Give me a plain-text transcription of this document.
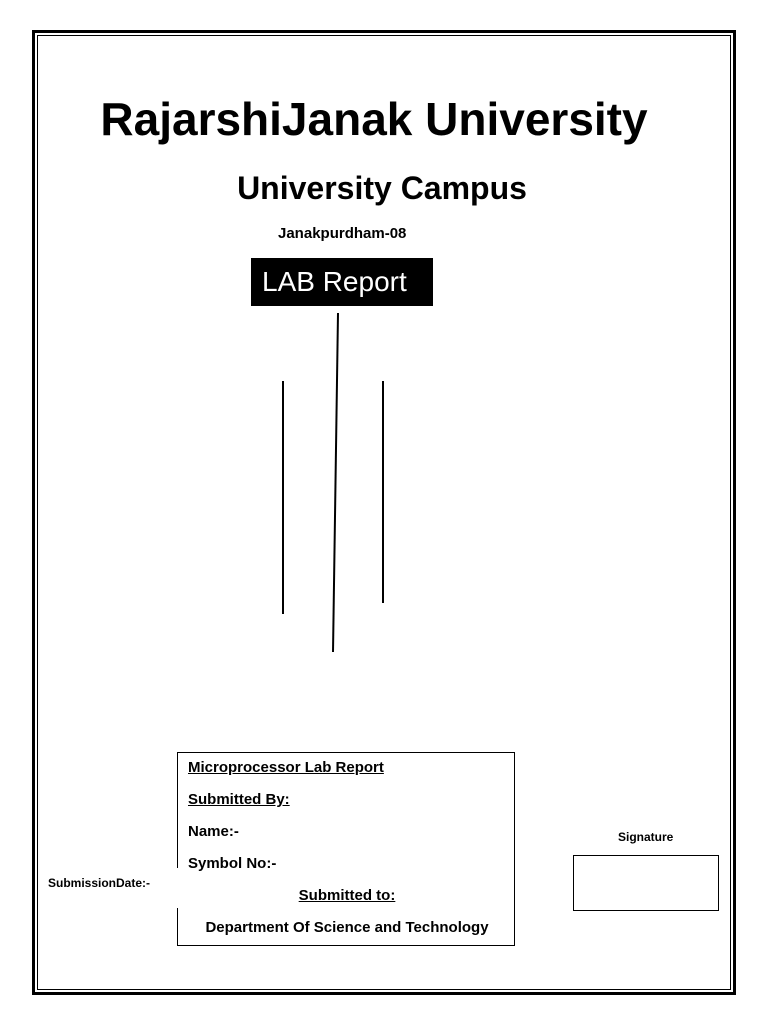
RajarshiJanak University
University Campus
Janakpurdham-08
LAB Report
Microprocessor Lab Report
Submitted By:
Name:-
Symbol No:-
Submitted to:
Department Of Science and Technology
SubmissionDate:-
Signature
